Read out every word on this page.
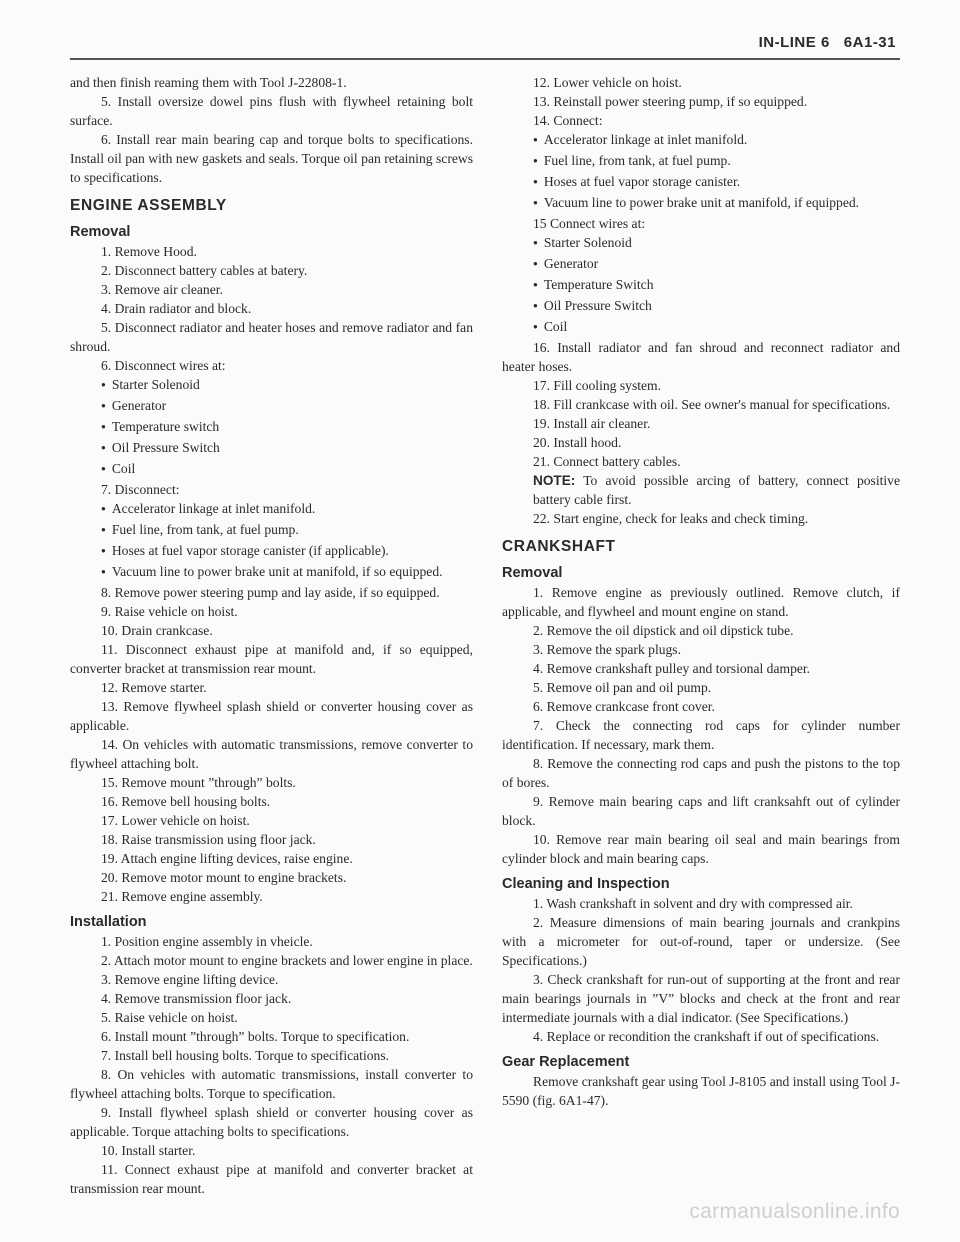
IN-LINE 6 6A1-31

and then finish reaming them with Tool J-22808-1.

5. Install oversize dowel pins flush with flywheel retaining bolt surface.

6. Install rear main bearing cap and torque bolts to specifications. Install oil pan with new gaskets and seals. Torque oil pan retaining screws to specifications.

ENGINE ASSEMBLY
Removal

1. Remove Hood.

2. Disconnect battery cables at batery.

3. Remove air cleaner.

4. Drain radiator and block.

5. Disconnect radiator and heater hoses and remove radiator and fan shroud.

6. Disconnect wires at:

● Starter Solenoid

● Generator

● Temperature switch

● Oil Pressure Switch

● Coil

7. Disconnect:

● Accelerator linkage at inlet manifold.

● Fuel line, from tank, at fuel pump.

● Hoses at fuel vapor storage canister (if applicable).

● Vacuum line to power brake unit at manifold, if so equipped.

8. Remove power steering pump and lay aside, if so equipped.

9. Raise vehicle on hoist.

10. Drain crankcase.

11. Disconnect exhaust pipe at manifold and, if so equipped, converter bracket at transmission rear mount.

12. Remove starter.

13. Remove flywheel splash shield or converter housing cover as applicable.

14. On vehicles with automatic transmissions, remove converter to flywheel attaching bolt.

15. Remove mount ”through” bolts.

16. Remove bell housing bolts.

17. Lower vehicle on hoist.

18. Raise transmission using floor jack.

19. Attach engine lifting devices, raise engine.

20. Remove motor mount to engine brackets.

21. Remove engine assembly.

Installation

1. Position engine assembly in vheicle.

2. Attach motor mount to engine brackets and lower engine in place.

3. Remove engine lifting device.

4. Remove transmission floor jack.

5. Raise vehicle on hoist.

6. Install mount ”through” bolts. Torque to specification.

7. Install bell housing bolts. Torque to specifications.

8. On vehicles with automatic transmissions, install converter to flywheel attaching bolts. Torque to specification.

9. Install flywheel splash shield or converter housing cover as applicable. Torque attaching bolts to specifications.

10. Install starter.

11. Connect exhaust pipe at manifold and converter bracket at transmission rear mount.

12. Lower vehicle on hoist.

13. Reinstall power steering pump, if so equipped.

14. Connect:

● Accelerator linkage at inlet manifold.

● Fuel line, from tank, at fuel pump.

● Hoses at fuel vapor storage canister.

● Vacuum line to power brake unit at manifold, if equipped.

15 Connect wires at:

● Starter Solenoid

● Generator

● Temperature Switch

● Oil Pressure Switch

● Coil

16. Install radiator and fan shroud and reconnect radiator and heater hoses.

17. Fill cooling system.

18. Fill crankcase with oil. See owner's manual for specifications.

19. Install air cleaner.

20. Install hood.

21. Connect battery cables.

NOTE: To avoid possible arcing of battery, connect positive battery cable first.

22. Start engine, check for leaks and check timing.

CRANKSHAFT
Removal

1. Remove engine as previously outlined. Remove clutch, if applicable, and flywheel and mount engine on stand.

2. Remove the oil dipstick and oil dipstick tube.

3. Remove the spark plugs.

4. Remove crankshaft pulley and torsional damper.

5. Remove oil pan and oil pump.

6. Remove crankcase front cover.

7. Check the connecting rod caps for cylinder number identification. If necessary, mark them.

8. Remove the connecting rod caps and push the pistons to the top of bores.

9. Remove main bearing caps and lift cranksahft out of cylinder block.

10. Remove rear main bearing oil seal and main bearings from cylinder block and main bearing caps.

Cleaning and Inspection

1. Wash crankshaft in solvent and dry with compressed air.

2. Measure dimensions of main bearing journals and crankpins with a micrometer for out-of-round, taper or undersize. (See Specifications.)

3. Check crankshaft for run-out of supporting at the front and rear main bearings journals in ”V” blocks and check at the front and rear intermediate journals with a dial indicator. (See Specifications.)

4. Replace or recondition the crankshaft if out of specifications.

Gear Replacement

Remove crankshaft gear using Tool J-8105 and install using Tool J-5590 (fig. 6A1-47).

carmanualsonline.info
